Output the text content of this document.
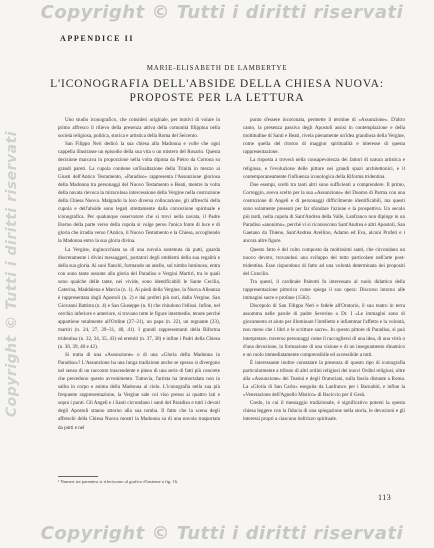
Copyright © Tutti i diritti riservati
Copyright © Tutti i diritti riservati
Copyright © Tutti i diritti riservati
APPENDICE II
MARIE-ELISABETH DE LAMBERTYE
L'ICONOGRAFIA DELL'ABSIDE DELLA CHIESA NUOVA:
PROPOSTE PER LA LETTURA

Uno studio iconografico, che consideri originale, per motivi di volare in primo affresco il rilievo della presenza attiva della comunità filippina nella società religiosa, politica, storica e artistica della Roma del Seicento.

San Filippo Neri dedicò la sua chiesa alla Madonna e volle che ogni cappella illustrasse un episodio della sua vita o un mistero del Rosario. Questa decisione marcava in proporzione nella volta dipinta da Pietro da Cortona su grandi pareti. La cupola contiene un'Esaltazione della Trinità in mezzo ai Giusti dell'Antico Testamento, «Paradiso» rappresenta l'Assunzione gloriosa della Madonna tra personaggi del Nuovo Testamento e Beati, mentre la volta della navata rievoca la miracolosa intercessione della Vergine nella costruzione della Chiesa Nuova. Malgrado la loro diversa collocazione, gli affreschi della cupola e dell'abside sono legati strettamente dalla concezione spirituale e iconografica. Per qualunque osservatore che si trovi nella navata, il Padre Eterno della parte verso della cupola si volge perso l'unica fonte di luce e di gloria che irradia verso l'Antico, il Nuovo Testamento e la Chiesa, accogliendo la Madonna entro la sua gloria divina.

La Vergine, inginocchiata su di una nuvola sostenuta da putti, guarda discretamente i divini messaggeri, portatori degli emblemi della sua regalità e della sua gloria. Ai suoi fianchi, formando un anello, sul nimbo luminoso, entra con sono tante assunte alla gloria del Paradiso e Vergini Martiri, tra le quali sono qualche delle tante, nei vivide, sono identificabili le Sante Cecilia, Caterina, Maddalena e Marcia (n. 1). Ai piedi della Vergine, la Nuova Alleanza è rappresentata dagli Apostoli (n. 2) e dai profeti più noti, dalla Vergine, San Giovanni Battista (n. 4) e San Giuseppe (n. 6) che chiudono l'ellissi. Infine, nel cerchio inferiore e anteriore, si trovano tutte le figure intermedie, tenute perché appartiene totalmente all'Ordine (27–21), un papa (n. 22), un regnante (23), martiri (n. 24, 27, 29–31, 40, 41). I grandi rappresentanti della Riforma tridentina (n. 32, 34, 35, 43) ed eremiti (n. 37, 38) e infine i Padri della Chiesa (n. 36, 39, 40 e 42).

Si tratta di una «Assunzione» o di una «Gloria della Madonna in Paradiso»? L'Assunzione ha una lunga tradizione anche se spesso si divergono nel senso di un racconto trascendente e pieno di una serie di fatti più concrete che precedono questo avvenimento. Tuttavia, l'artista ha immortalato non in salita in corpo e anima della Madonna al cielo. L'iconografia nella sua più frequente rappresentazione, la Vergine sale col viso presso ai quattro lati e sopra i punti. Gli Angeli e i Santi circondano i santi del Paradiso e tutti i devoti degli Apostoli stanno attorno alla sua tomba. Il fatto che la scena degli affreschi della Chiesa Nuova mostri la Madonna su di una nuvola trasportata da putti e nel

punto d'essere incoronata, permette il termine di «Assunzione». D'altro canto, la presenza passiva degli Apostoli assisi in contemplazione e della moltitudine di Santi e Beati, rivela pienamente un'idea grandiosa della Vergine, come quella del ritorno di maggior spiritualità e interesse di questa rappresentazione.

La risposta a troverà nella consapevolezza dei fattori di natura artistica e religiosa, e l'evoluzione delle pitture nei grandi spazi architettonici, e il contemporaneamente l'influenza iconologica della Riforma tridentina.

Due esempi, scelti tra tanti altri sono sufficienti a comprendere. Il primo, Correggio, aveva scelto per la sua «Assunzione» del Duomo di Parma con una costruzione di Angeli e di personaggi difficilmente identificabili, ma questi sono solamente presenti per far sfondare l'azione e la prospettiva. Un secolo più tardi, nella cupola di Sant'Andrea della Valle, Lanfranco non dipinge in un Paradiso «anonimo», perché vi si riconoscono Sant'Andrea e altri Apostoli, San Gaetano da Thiene, Sant'Andrea Avellino, Adamo ed Eva, alcuni Profeti e i ancora altre figure.

Questo fatto è del culto composto da moltissimi santi, che circondano un nuovo devoto, trovandosi una sviluppo del tutto particolare nell'arte post-tridentina. Esse rispondono di fatto ad una volontà determinata dei propositi del Concilio.

Tra questi, il cardinale Paleotti fu interessato al ruolo didattico della rappresentazione pittorica come spiega il suo opera: Discorso intorno alle immagini sacre e profane (1582).

Discepolo di San Filippo Neri e fedele all'Oratorio, il suo teatro in terra assomma nelle parole di padre Severino o Dr. I «Le immagini sono di giovamento et aiuto per illuminare l'intelletto e infiammar l'affetto e la volontà, non meno che i libri e le scritture sacre». In questo pittore di Paradiso, si può interpretare, traverso personaggi come il raccogliersi di una idea, di una virtù o d'una devozione, la formazione di una visione e di un insegnamento dinamico e un ruolo immediatamente comprensibile ed accessibile a tutti.

È interessante inoltre constatare la presenza di questo tipo di iconografia particolarmente a tributo di altri ordini religiosi dei nuovi Ordini religiosi, oltre alla «Assunzione» dei Teatini e degli Oratoriani, sulla fascia distante a Roma. La «Gloria di San Carlo» eseguita da Lanfranco per i Barnabiti, e infine la «Venerazione dell'Agnello Mistico» di Baciccio per il Gesù.

Credo, in cui il messaggio tradizionale, è significativo potersi la questa chiesa leggere con la fiducia di una spiegazione nella storia, le devozioni e gli interessi propri a ciascuno indirizzo spirituale.

¹ Numeri tra parentesi si riferiscono al grafico d'insieme a fig. 16.
113
